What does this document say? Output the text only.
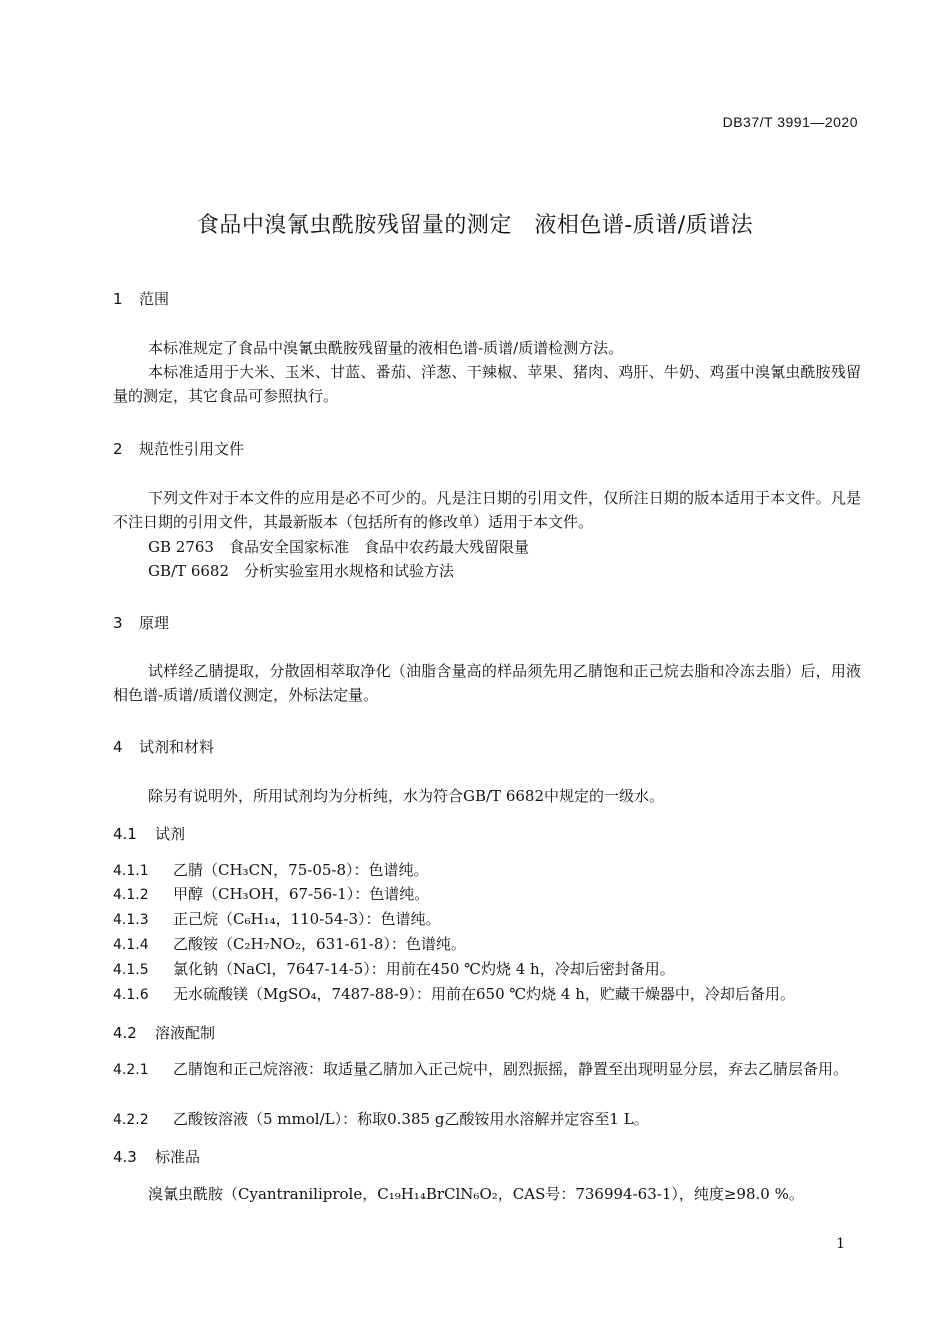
DB37/T 3991—2020
食品中溴氰虫酰胺残留量的测定　液相色谱-质谱/质谱法
1 范围
本标准规定了食品中溴氰虫酰胺残留量的液相色谱-质谱/质谱检测方法。
本标准适用于大米、玉米、甘蓝、番茄、洋葱、干辣椒、苹果、猪肉、鸡肝、牛奶、鸡蛋中溴氰虫酰胺残留量的测定，其它食品可参照执行。
2 规范性引用文件
下列文件对于本文件的应用是必不可少的。凡是注日期的引用文件，仅所注日期的版本适用于本文件。凡是不注日期的引用文件，其最新版本（包括所有的修改单）适用于本文件。
GB 2763　食品安全国家标准　食品中农药最大残留限量
GB/T 6682　分析实验室用水规格和试验方法
3 原理
试样经乙腈提取，分散固相萃取净化（油脂含量高的样品须先用乙腈饱和正己烷去脂和冷冻去脂）后，用液相色谱-质谱/质谱仪测定，外标法定量。
4 试剂和材料
除另有说明外，所用试剂均为分析纯，水为符合GB/T 6682中规定的一级水。
4.1 试剂
4.1.1 乙腈（CH₃CN，75-05-8）：色谱纯。
4.1.2 甲醇（CH₃OH，67-56-1）：色谱纯。
4.1.3 正己烷（C₆H₁₄，110-54-3）：色谱纯。
4.1.4 乙酸铵（C₂H₇NO₂，631-61-8）：色谱纯。
4.1.5 氯化钠（NaCl，7647-14-5）：用前在450 ℃灼烧 4 h，冷却后密封备用。
4.1.6 无水硫酸镁（MgSO₄，7487-88-9）：用前在650 ℃灼烧 4 h，贮藏干燥器中，冷却后备用。
4.2 溶液配制
4.2.1 乙腈饱和正己烷溶液：取适量乙腈加入正己烷中，剧烈振摇，静置至出现明显分层，弃去乙腈层备用。
4.2.2 乙酸铵溶液（5 mmol/L）：称取0.385 g乙酸铵用水溶解并定容至1 L。
4.3 标准品
溴氰虫酰胺（Cyantraniliprole，C₁₉H₁₄BrClN₆O₂，CAS号：736994-63-1），纯度≥98.0 %。
1
